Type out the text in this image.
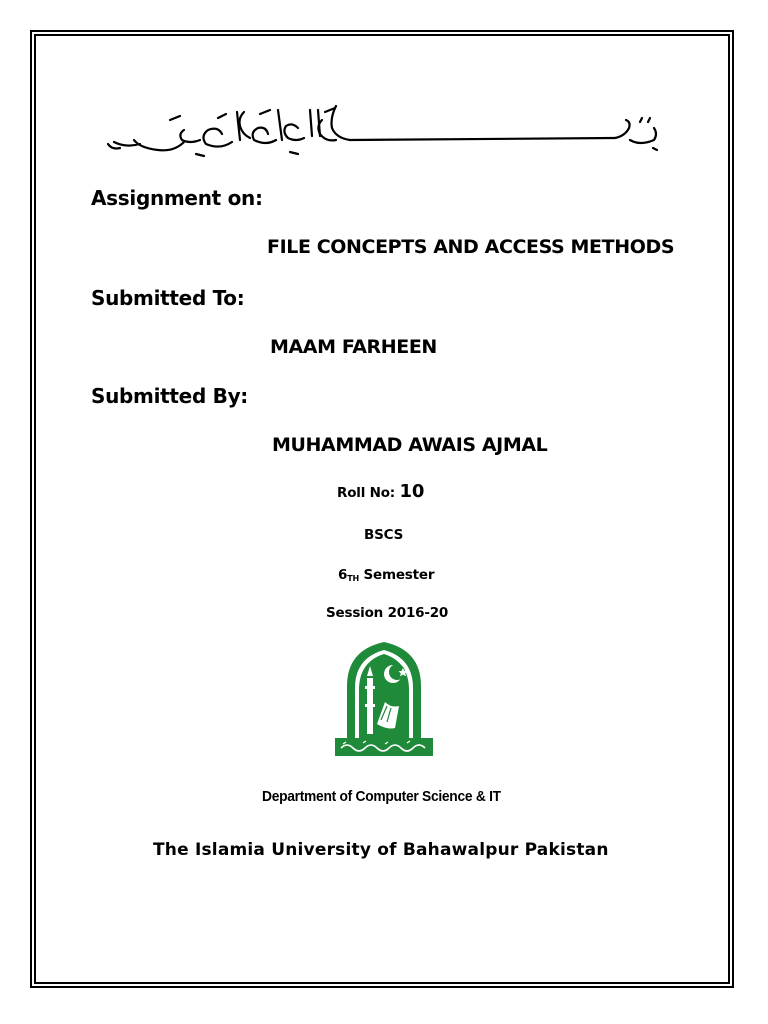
Assignment on:
FILE CONCEPTS AND ACCESS METHODS
Submitted To:
MAAM FARHEEN
Submitted By:
MUHAMMAD AWAIS AJMAL
Roll No: 10
BSCS
$6_{TH}$ Semester
Session 2016-20
Department of Computer Science & IT
The Islamia University of Bahawalpur Pakistan
